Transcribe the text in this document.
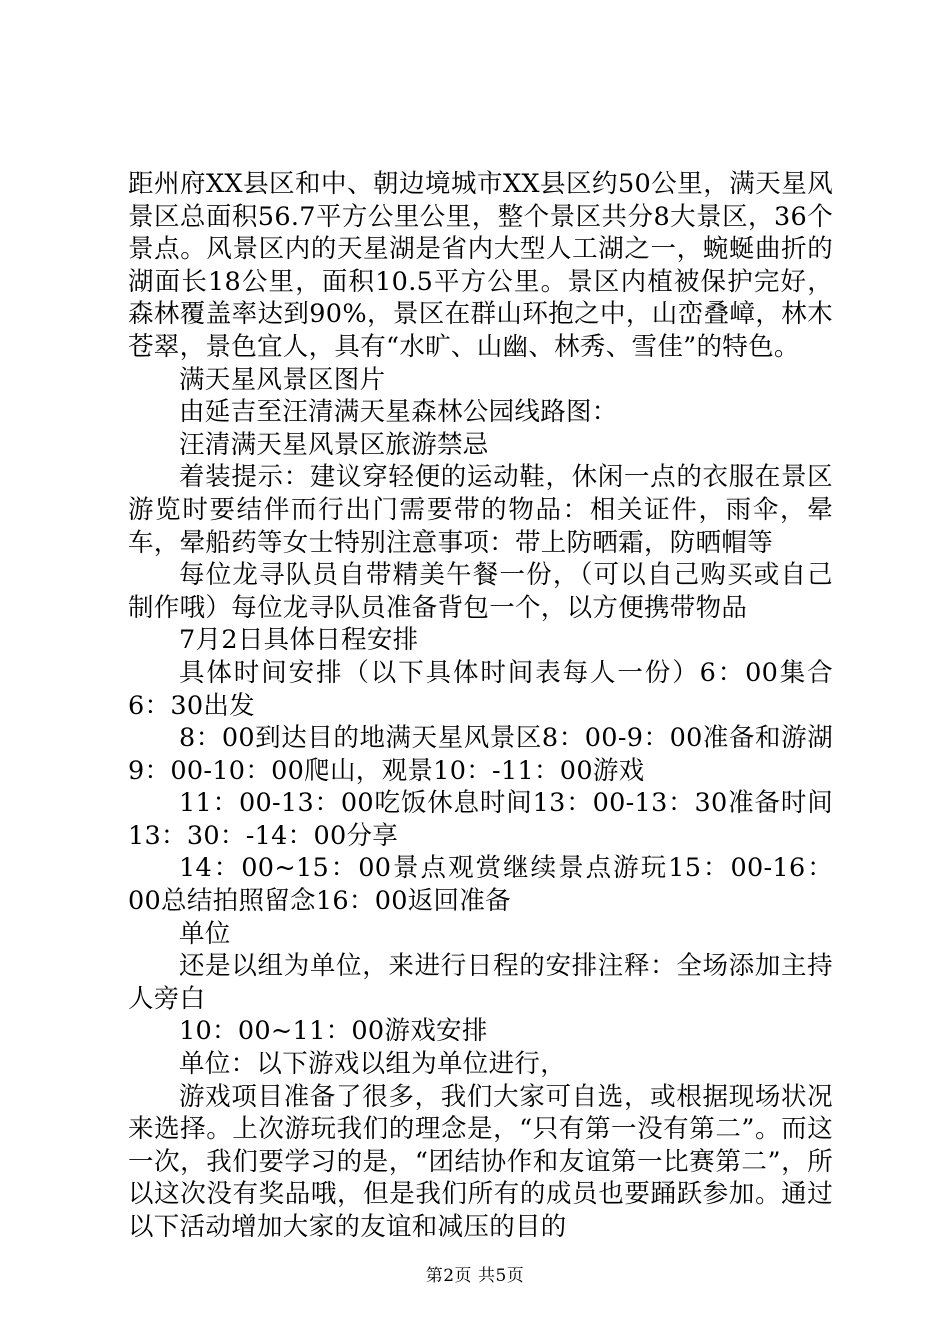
距州府XX县区和中、朝边境城市XX县区约50公里，满天星风景区总面积56.7平方公里公里，整个景区共分8大景区，36个景点。风景区内的天星湖是省内大型人工湖之一，蜿蜒曲折的湖面长18公里，面积10.5平方公里。景区内植被保护完好，森林覆盖率达到90%，景区在群山环抱之中，山峦叠嶂，林木苍翠，景色宜人，具有“水旷、山幽、林秀、雪佳”的特色。

满天星风景区图片

由延吉至汪清满天星森林公园线路图：

汪清满天星风景区旅游禁忌

着装提示：建议穿轻便的运动鞋，休闲一点的衣服在景区游览时要结伴而行出门需要带的物品：相关证件，雨伞，晕车，晕船药等女士特别注意事项：带上防晒霜，防晒帽等

每位龙寻队员自带精美午餐一份，（可以自己购买或自己制作哦）每位龙寻队员准备背包一个，以方便携带物品

7月2日具体日程安排

具体时间安排（以下具体时间表每人一份）6：00集合6：30出发

8：00到达目的地满天星风景区8：00-9：00准备和游湖9：00-10：00爬山，观景10：-11：00游戏

11：00-13：00吃饭休息时间13：00-13：30准备时间13：30：-14：00分享

14：00~15：00景点观赏继续景点游玩15：00-16：00总结拍照留念16：00返回准备

单位

还是以组为单位，来进行日程的安排注释：全场添加主持人旁白

10：00~11：00游戏安排

单位：以下游戏以组为单位进行，

游戏项目准备了很多，我们大家可自选，或根据现场状况来选择。上次游玩我们的理念是，“只有第一没有第二”。而这一次，我们要学习的是，“团结协作和友谊第一比赛第二”，所以这次没有奖品哦，但是我们所有的成员也要踊跃参加。通过以下活动增加大家的友谊和减压的目的

第2页 共5页
